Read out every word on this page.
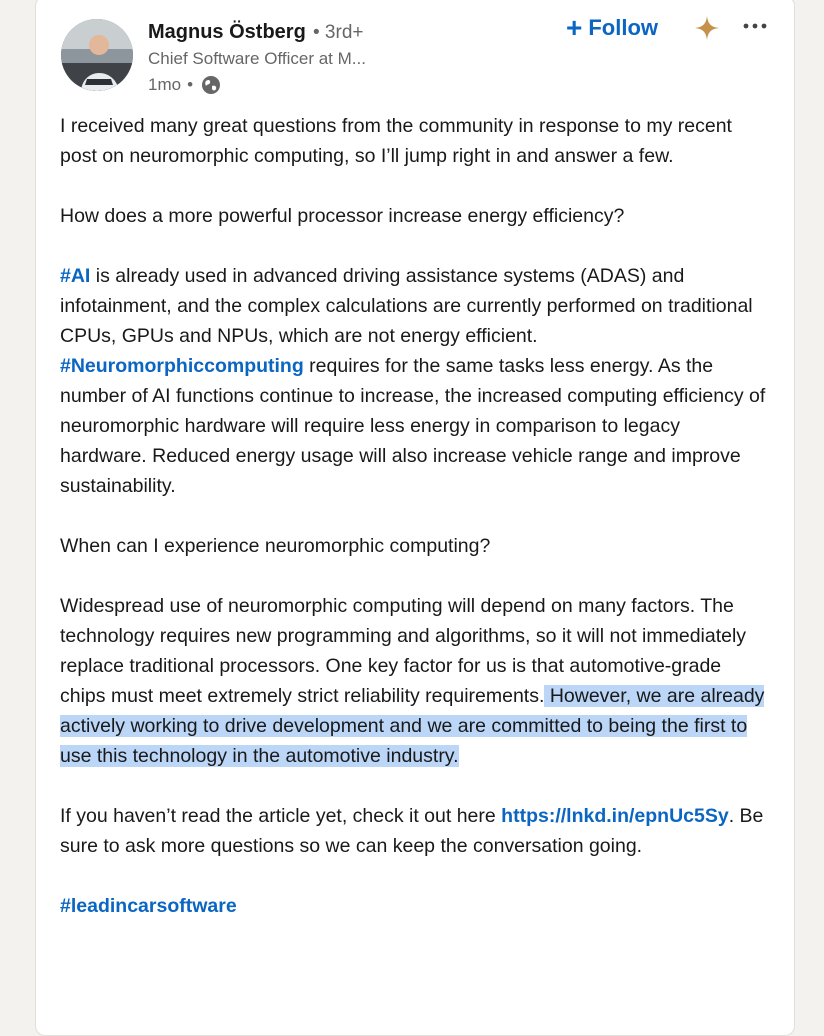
Magnus Östberg • 3rd+
Chief Software Officer at M...
1mo •
+ Follow

I received many great questions from the community in response to my recent post on neuromorphic computing, so I’ll jump right in and answer a few.

How does a more powerful processor increase energy efficiency?

#AI is already used in advanced driving assistance systems (ADAS) and infotainment, and the complex calculations are currently performed on traditional CPUs, GPUs and NPUs, which are not energy efficient. #Neuromorphiccomputing requires for the same tasks less energy. As the number of AI functions continue to increase, the increased computing efficiency of neuromorphic hardware will require less energy in comparison to legacy hardware. Reduced energy usage will also increase vehicle range and improve sustainability.

When can I experience neuromorphic computing?

Widespread use of neuromorphic computing will depend on many factors. The technology requires new programming and algorithms, so it will not immediately replace traditional processors. One key factor for us is that automotive-grade chips must meet extremely strict reliability requirements. However, we are already actively working to drive development and we are committed to being the first to use this technology in the automotive industry.

If you haven’t read the article yet, check it out here https://lnkd.in/epnUc5Sy. Be sure to ask more questions so we can keep the conversation going.

#leadincarsoftware
